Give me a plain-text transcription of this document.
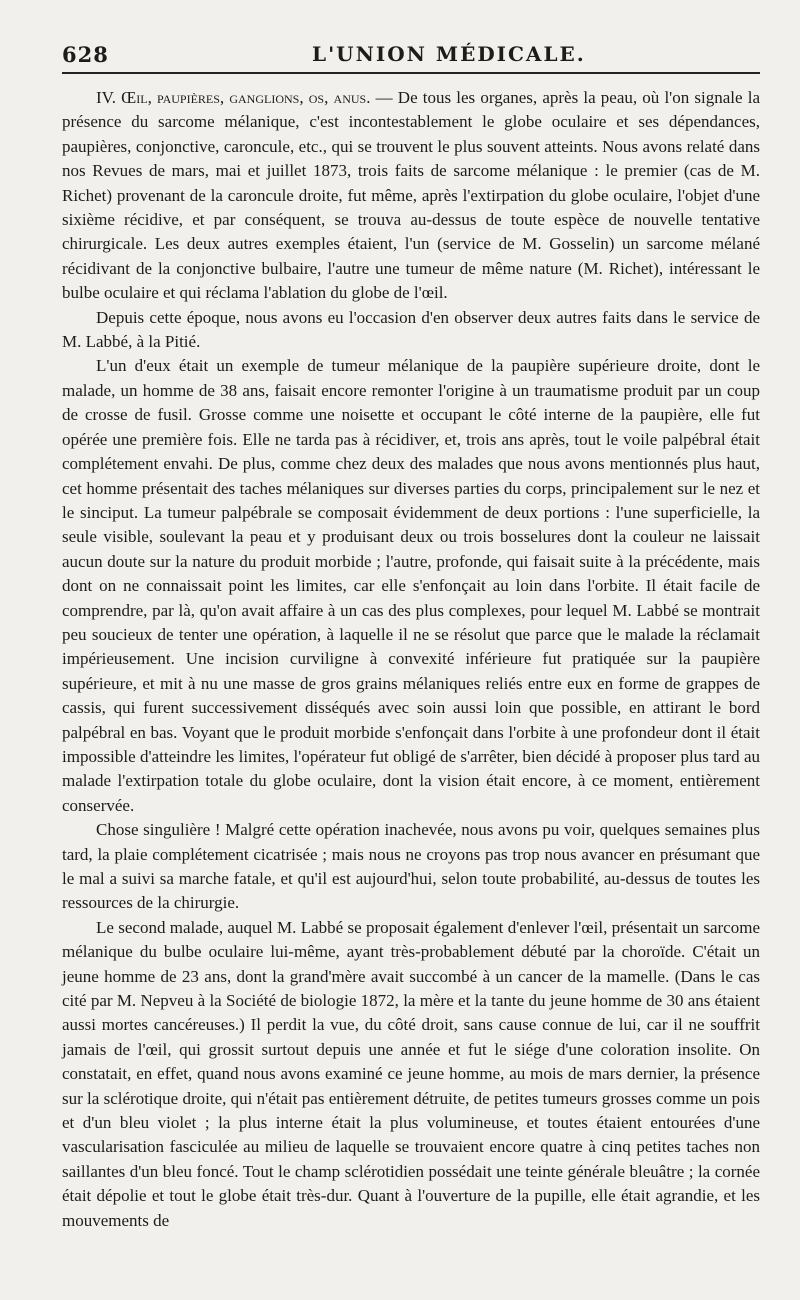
628	L'UNION MÉDICALE.

IV. Œil, paupières, ganglions, os, anus. — De tous les organes, après la peau, où l'on signale la présence du sarcome mélanique, c'est incontestablement le globe oculaire et ses dépendances, paupières, conjonctive, caroncule, etc., qui se trouvent le plus souvent atteints. Nous avons relaté dans nos Revues de mars, mai et juillet 1873, trois faits de sarcome mélanique : le premier (cas de M. Richet) provenant de la caroncule droite, fut même, après l'extirpation du globe oculaire, l'objet d'une sixième récidive, et par conséquent, se trouva au-dessus de toute espèce de nouvelle tentative chirurgicale. Les deux autres exemples étaient, l'un (service de M. Gosselin) un sarcome mélané récidivant de la conjonctive bulbaire, l'autre une tumeur de même nature (M. Richet), intéressant le bulbe oculaire et qui réclama l'ablation du globe de l'œil.

Depuis cette époque, nous avons eu l'occasion d'en observer deux autres faits dans le service de M. Labbé, à la Pitié.

L'un d'eux était un exemple de tumeur mélanique de la paupière supérieure droite, dont le malade, un homme de 38 ans, faisait encore remonter l'origine à un traumatisme produit par un coup de crosse de fusil. Grosse comme une noisette et occupant le côté interne de la paupière, elle fut opérée une première fois. Elle ne tarda pas à récidiver, et, trois ans après, tout le voile palpébral était complétement envahi. De plus, comme chez deux des malades que nous avons mentionnés plus haut, cet homme présentait des taches mélaniques sur diverses parties du corps, principalement sur le nez et le sinciput. La tumeur palpébrale se composait évidemment de deux portions : l'une superficielle, la seule visible, soulevant la peau et y produisant deux ou trois bosselures dont la couleur ne laissait aucun doute sur la nature du produit morbide ; l'autre, profonde, qui faisait suite à la précédente, mais dont on ne connaissait point les limites, car elle s'enfonçait au loin dans l'orbite. Il était facile de comprendre, par là, qu'on avait affaire à un cas des plus complexes, pour lequel M. Labbé se montrait peu soucieux de tenter une opération, à laquelle il ne se résolut que parce que le malade la réclamait impérieusement. Une incision curviligne à convexité inférieure fut pratiquée sur la paupière supérieure, et mit à nu une masse de gros grains mélaniques reliés entre eux en forme de grappes de cassis, qui furent successivement disséqués avec soin aussi loin que possible, en attirant le bord palpébral en bas. Voyant que le produit morbide s'enfonçait dans l'orbite à une profondeur dont il était impossible d'atteindre les limites, l'opérateur fut obligé de s'arrêter, bien décidé à proposer plus tard au malade l'extirpation totale du globe oculaire, dont la vision était encore, à ce moment, entièrement conservée.

Chose singulière ! Malgré cette opération inachevée, nous avons pu voir, quelques semaines plus tard, la plaie complétement cicatrisée ; mais nous ne croyons pas trop nous avancer en présumant que le mal a suivi sa marche fatale, et qu'il est aujourd'hui, selon toute probabilité, au-dessus de toutes les ressources de la chirurgie.

Le second malade, auquel M. Labbé se proposait également d'enlever l'œil, présentait un sarcome mélanique du bulbe oculaire lui-même, ayant très-probablement débuté par la choroïde. C'était un jeune homme de 23 ans, dont la grand'mère avait succombé à un cancer de la mamelle. (Dans le cas cité par M. Nepveu à la Société de biologie 1872, la mère et la tante du jeune homme de 30 ans étaient aussi mortes cancéreuses.) Il perdit la vue, du côté droit, sans cause connue de lui, car il ne souffrit jamais de l'œil, qui grossit surtout depuis une année et fut le siége d'une coloration insolite. On constatait, en effet, quand nous avons examiné ce jeune homme, au mois de mars dernier, la présence sur la sclérotique droite, qui n'était pas entièrement détruite, de petites tumeurs grosses comme un pois et d'un bleu violet ; la plus interne était la plus volumineuse, et toutes étaient entourées d'une vascularisation fasciculée au milieu de laquelle se trouvaient encore quatre à cinq petites taches non saillantes d'un bleu foncé. Tout le champ sclérotidien possédait une teinte générale bleuâtre ; la cornée était dépolie et tout le globe était très-dur. Quant à l'ouverture de la pupille, elle était agrandie, et les mouvements de
